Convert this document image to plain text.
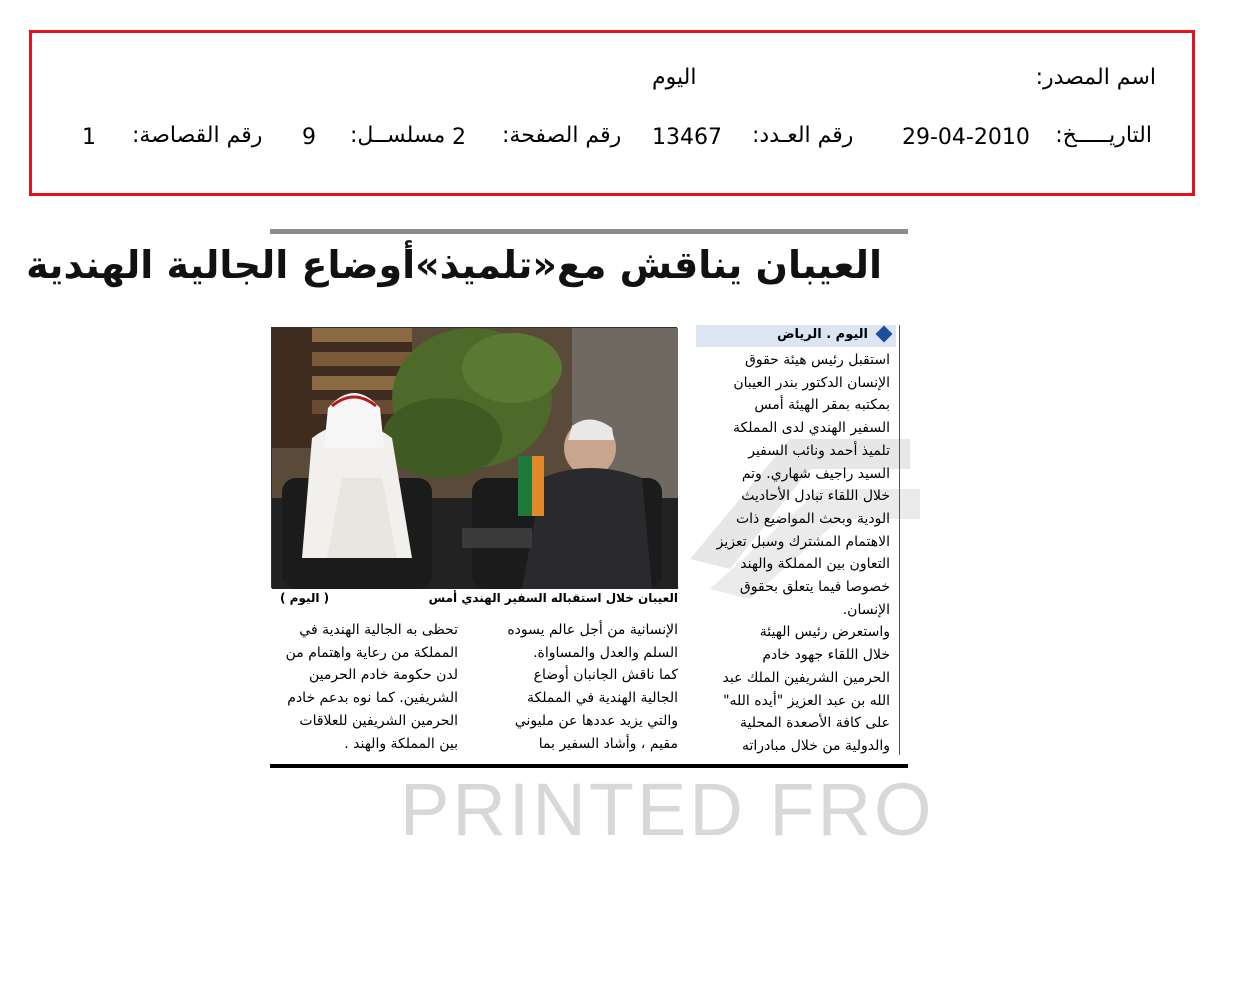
اسم المصدر:
اليوم
التاريـــــخ:
29-04-2010
رقم العـدد:
13467
رقم الصفحة:
2
مسلســل:
9
رقم القصاصة:
1
PRINTED FRO
العيبان يناقش مع«تلميذ»أوضاع الجالية الهندية
العيبان خلال استقباله السفير الهندي أمس
( اليوم )
اليوم . الرياض
استقبل رئيس هيئة حقوق
الإنسان الدكتور بندر العيبان
بمكتبه بمقر الهيئة أمس
السفير الهندي لدى المملكة
تلميذ أحمد ونائب السفير
السيد راجيف شهاري. وتم
خلال اللقاء تبادل الأحاديث
الودية وبحث المواضيع ذات
الاهتمام المشترك وسبل تعزيز
التعاون بين المملكة والهند
خصوصا فيما يتعلق بحقوق
الإنسان.
واستعرض رئيس الهيئة
خلال اللقاء جهود خادم
الحرمين الشريفين الملك عبد
الله بن عبد العزيز "أيده الله"
على كافة الأصعدة المحلية
والدولية من خلال مبادراته
الإنسانية من أجل عالم يسوده
السلم والعدل والمساواة.
كما ناقش الجانبان أوضاع
الجالية الهندية في المملكة
والتي يزيد عددها عن مليوني
مقيم ، وأشاد السفير بما
تحظى به الجالية الهندية في
المملكة من رعاية واهتمام من
لدن حكومة خادم الحرمين
الشريفين. كما نوه بدعم خادم
الحرمين الشريفين للعلاقات
بين المملكة والهند .
